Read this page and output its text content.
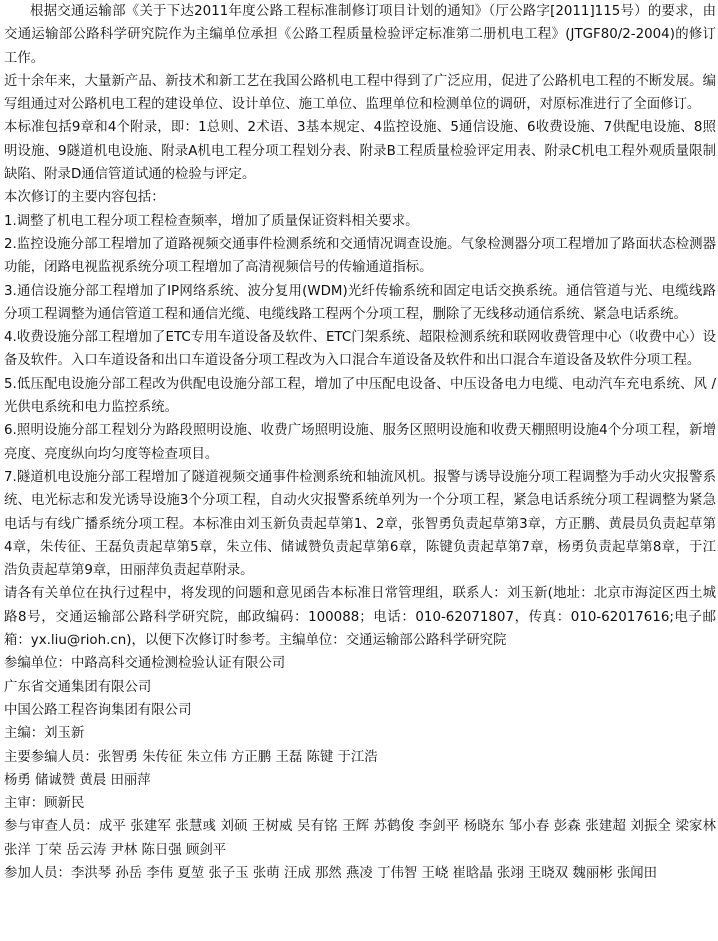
根据交通运输部《关于下达2011年度公路工程标准制修订项目计划的通知》（厅公路字[2011]115号）的要求，由交通运输部公路科学研究院作为主编单位承担《公路工程质量检验评定标准第二册机电工程》(JTGF80/2-2004)的修订工作。

近十余年来，大量新产品、新技术和新工艺在我国公路机电工程中得到了广泛应用，促进了公路机电工程的不断发展。编写组通过对公路机电工程的建设单位、设计单位、施工单位、监理单位和检测单位的调研，对原标准进行了全面修订。

本标准包括9章和4个附录，即：1总则、2术语、3基本规定、4监控设施、5通信设施、6收费设施、7供配电设施、8照明设施、9隧道机电设施、附录A机电工程分项工程划分表、附录B工程质量检验评定用表、附录C机电工程外观质量限制缺陷、附录D通信管道试通的检验与评定。

本次修订的主要内容包括：

1.调整了机电工程分项工程检查频率，增加了质量保证资料相关要求。

2.监控设施分部工程增加了道路视频交通事件检测系统和交通情况调查设施。气象检测器分项工程增加了路面状态检测器功能，闭路电视监视系统分项工程增加了高清视频信号的传输通道指标。

3.通信设施分部工程增加了IP网络系统、波分复用(WDM)光纤传输系统和固定电话交换系统。通信管道与光、电缆线路分项工程调整为通信管道工程和通信光缆、电缆线路工程两个分项工程，删除了无线移动通信系统、紧急电话系统。

4.收费设施分部工程增加了ETC专用车道设备及软件、ETC门架系统、超限检测系统和联网收费管理中心（收费中心）设备及软件。入口车道设备和出口车道设备分项工程改为入口混合车道设备及软件和出口混合车道设备及软件分项工程。

5.低压配电设施分部工程改为供配电设施分部工程，增加了中压配电设备、中压设备电力电缆、电动汽车充电系统、风 / 光供电系统和电力监控系统。

6.照明设施分部工程划分为路段照明设施、收费广场照明设施、服务区照明设施和收费天棚照明设施4个分项工程，新增亮度、亮度纵向均匀度等检查项目。

7.隧道机电设施分部工程增加了隧道视频交通事件检测系统和轴流风机。报警与诱导设施分项工程调整为手动火灾报警系统、电光标志和发光诱导设施3个分项工程，自动火灾报警系统单列为一个分项工程，紧急电话系统分项工程调整为紧急电话与有线广播系统分项工程。本标准由刘玉新负责起草第1、2章，张智勇负责起草第3章，方正鹏、黄晨员负责起草第4章，朱传征、王磊负责起草第5章，朱立伟、储诚赞负责起草第6章，陈键负责起草第7章，杨勇负责起草第8章，于江浩负责起草第9章，田丽萍负责起草附录。

请各有关单位在执行过程中，将发现的问题和意见函告本标准日常管理组，联系人：刘玉新(地址：北京市海淀区西土城路8号，交通运输部公路科学研究院，邮政编码：100088；电话：010-62071807，传真：010-62017616;电子邮箱：yx.liu@rioh.cn)，以便下次修订时参考。主编单位：交通运输部公路科学研究院

参编单位：中路高科交通检测检验认证有限公司

广东省交通集团有限公司

中国公路工程咨询集团有限公司

主编：刘玉新

主要参编人员：张智勇 朱传征 朱立伟 方正鹏 王磊 陈键 于江浩

杨勇 储诚赞 黄晨 田丽萍

主审：顾新民

参与审查人员：成平 张建军 张慧彧 刘硕 王树威 吴有铭 王辉 苏鹤俊 李剑平 杨晓东 邹小春 彭森 张建超 刘振全 梁家林 张洋 丁荣 岳云涛 尹林 陈日强 顾剑平

参加人员：李洪琴 孙岳 李伟 夏堃 张子玉 张萌 汪成 那然 燕凌 丁伟智 王峣 崔晗晶 张翊 王晓双 魏丽彬 张闻田
